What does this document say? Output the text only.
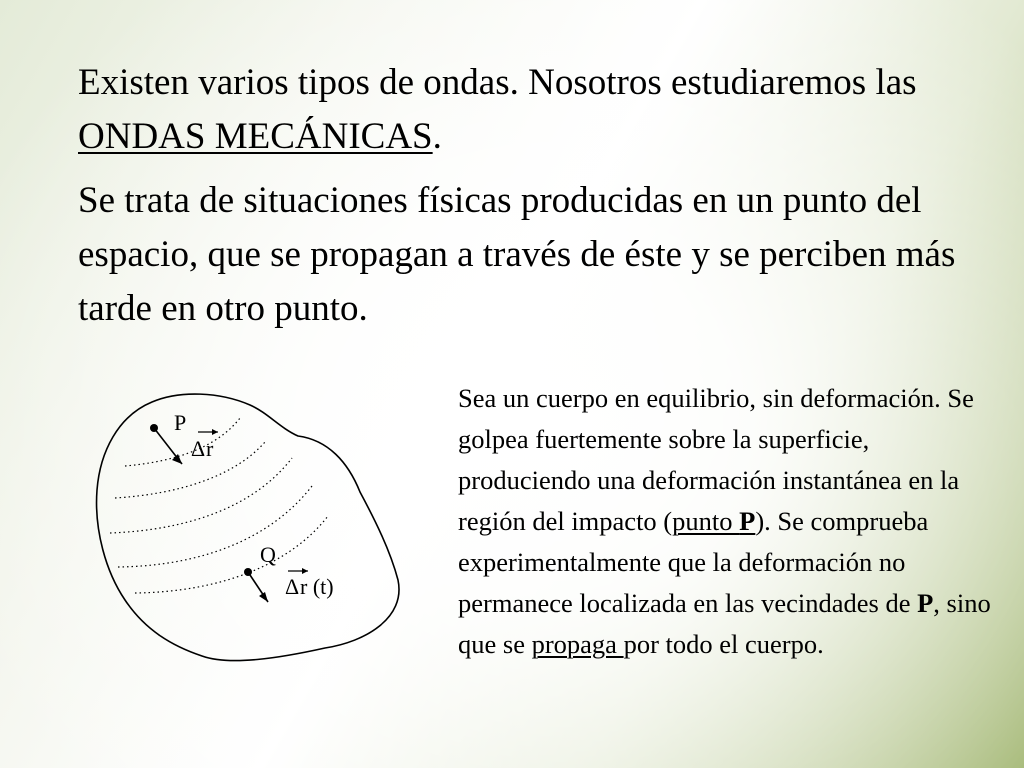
Existen varios tipos de ondas. Nosotros estudiaremos las ONDAS MECÁNICAS.

Se trata de situaciones físicas producidas en un punto del espacio, que se propagan a través de éste y se perciben más tarde en otro punto.

P
Δ r
Q
Δ r (t)

Sea un cuerpo en equilibrio, sin deformación. Se golpea fuertemente sobre la superficie, produciendo una deformación instantánea en la región del impacto (punto P). Se comprueba experimentalmente que la deformación no permanece localizada en las vecindades de P, sino que se propaga por todo el cuerpo.
